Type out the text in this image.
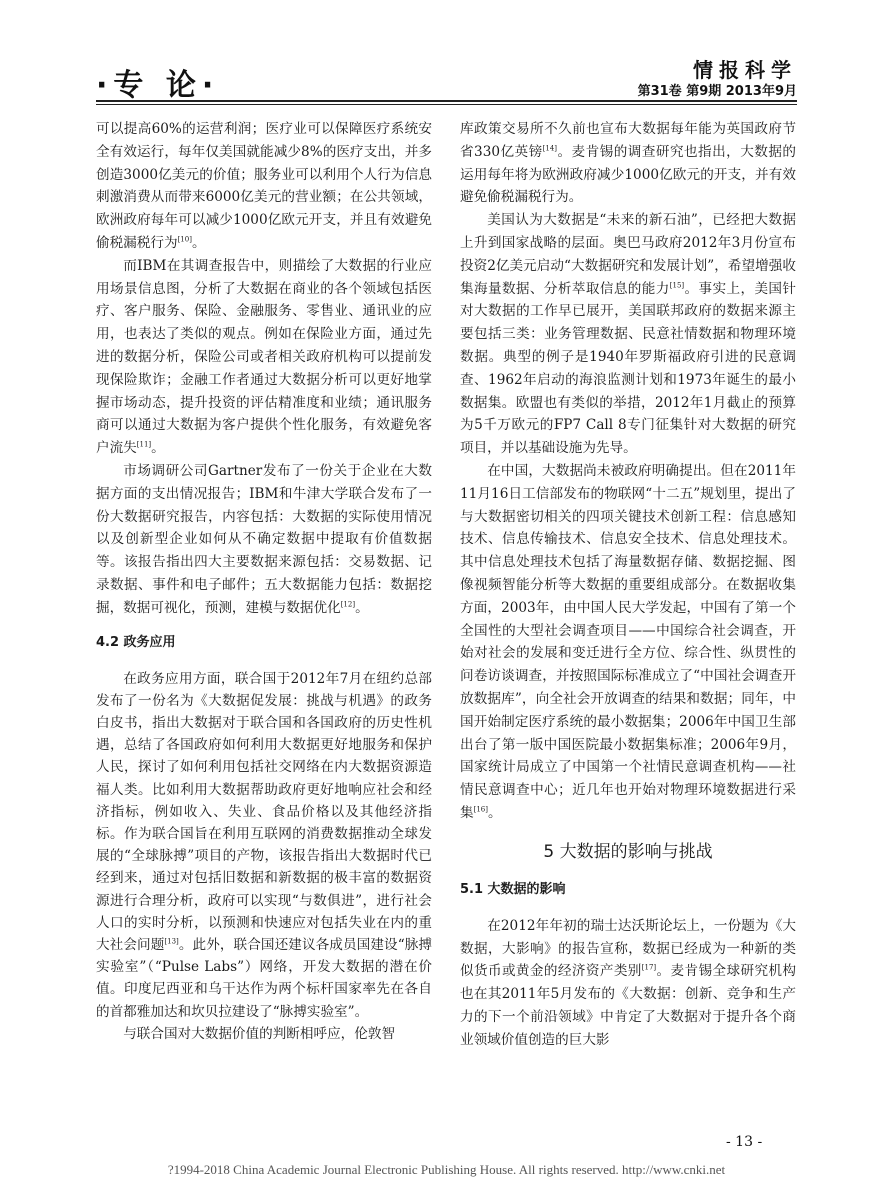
·专 论·	情报科学
第31卷 第9期 2013年9月

可以提高60%的运营利润；医疗业可以保障医疗系统安全有效运行，每年仅美国就能减少8%的医疗支出，并多创造3000亿美元的价值；服务业可以利用个人行为信息刺激消费从而带来6000亿美元的营业额；在公共领域，欧洲政府每年可以减少1000亿欧元开支，并且有效避免偷税漏税行为[10]。

而IBM在其调查报告中，则描绘了大数据的行业应用场景信息图，分析了大数据在商业的各个领域包括医疗、客户服务、保险、金融服务、零售业、通讯业的应用，也表达了类似的观点。例如在保险业方面，通过先进的数据分析，保险公司或者相关政府机构可以提前发现保险欺诈；金融工作者通过大数据分析可以更好地掌握市场动态，提升投资的评估精准度和业绩；通讯服务商可以通过大数据为客户提供个性化服务，有效避免客户流失[11]。

市场调研公司Gartner发布了一份关于企业在大数据方面的支出情况报告；IBM和牛津大学联合发布了一份大数据研究报告，内容包括：大数据的实际使用情况以及创新型企业如何从不确定数据中提取有价值数据等。该报告指出四大主要数据来源包括：交易数据、记录数据、事件和电子邮件；五大数据能力包括：数据挖掘，数据可视化，预测，建模与数据优化[12]。

4.2 政务应用

在政务应用方面，联合国于2012年7月在纽约总部发布了一份名为《大数据促发展：挑战与机遇》的政务白皮书，指出大数据对于联合国和各国政府的历史性机遇，总结了各国政府如何利用大数据更好地服务和保护人民，探讨了如何利用包括社交网络在内大数据资源造福人类。比如利用大数据帮助政府更好地响应社会和经济指标，例如收入、失业、食品价格以及其他经济指标。作为联合国旨在利用互联网的消费数据推动全球发展的“全球脉搏”项目的产物，该报告指出大数据时代已经到来，通过对包括旧数据和新数据的极丰富的数据资源进行合理分析，政府可以实现“与数俱进”，进行社会人口的实时分析，以预测和快速应对包括失业在内的重大社会问题[13]。此外，联合国还建议各成员国建设“脉搏实验室”（“Pulse Labs”）网络，开发大数据的潜在价值。印度尼西亚和乌干达作为两个标杆国家率先在各自的首都雅加达和坎贝拉建设了“脉搏实验室”。

与联合国对大数据价值的判断相呼应，伦敦智

库政策交易所不久前也宣布大数据每年能为英国政府节省330亿英镑[14]。麦肯锡的调查研究也指出，大数据的运用每年将为欧洲政府减少1000亿欧元的开支，并有效避免偷税漏税行为。

美国认为大数据是“未来的新石油”，已经把大数据上升到国家战略的层面。奥巴马政府2012年3月份宣布投资2亿美元启动“大数据研究和发展计划”，希望增强收集海量数据、分析萃取信息的能力[15]。事实上，美国针对大数据的工作早已展开，美国联邦政府的数据来源主要包括三类：业务管理数据、民意社情数据和物理环境数据。典型的例子是1940年罗斯福政府引进的民意调查、1962年启动的海浪监测计划和1973年诞生的最小数据集。欧盟也有类似的举措，2012年1月截止的预算为5千万欧元的FP7 Call 8专门征集针对大数据的研究项目，并以基础设施为先导。

在中国，大数据尚未被政府明确提出。但在2011年11月16日工信部发布的物联网“十二五”规划里，提出了与大数据密切相关的四项关键技术创新工程：信息感知技术、信息传输技术、信息安全技术、信息处理技术。其中信息处理技术包括了海量数据存储、数据挖掘、图像视频智能分析等大数据的重要组成部分。在数据收集方面，2003年，由中国人民大学发起，中国有了第一个全国性的大型社会调查项目——中国综合社会调查，开始对社会的发展和变迁进行全方位、综合性、纵贯性的问卷访谈调查，并按照国际标准成立了“中国社会调查开放数据库”，向全社会开放调查的结果和数据；同年，中国开始制定医疗系统的最小数据集；2006年中国卫生部出台了第一版中国医院最小数据集标准；2006年9月，国家统计局成立了中国第一个社情民意调查机构——社情民意调查中心；近几年也开始对物理环境数据进行采集[16]。

5 大数据的影响与挑战
5.1 大数据的影响

在2012年年初的瑞士达沃斯论坛上，一份题为《大数据，大影响》的报告宣称，数据已经成为一种新的类似货币或黄金的经济资产类别[17]。麦肯锡全球研究机构也在其2011年5月发布的《大数据：创新、竞争和生产力的下一个前沿领域》中肯定了大数据对于提升各个商业领域价值创造的巨大影

- 13 -
?1994-2018 China Academic Journal Electronic Publishing House. All rights reserved. http://www.cnki.net
